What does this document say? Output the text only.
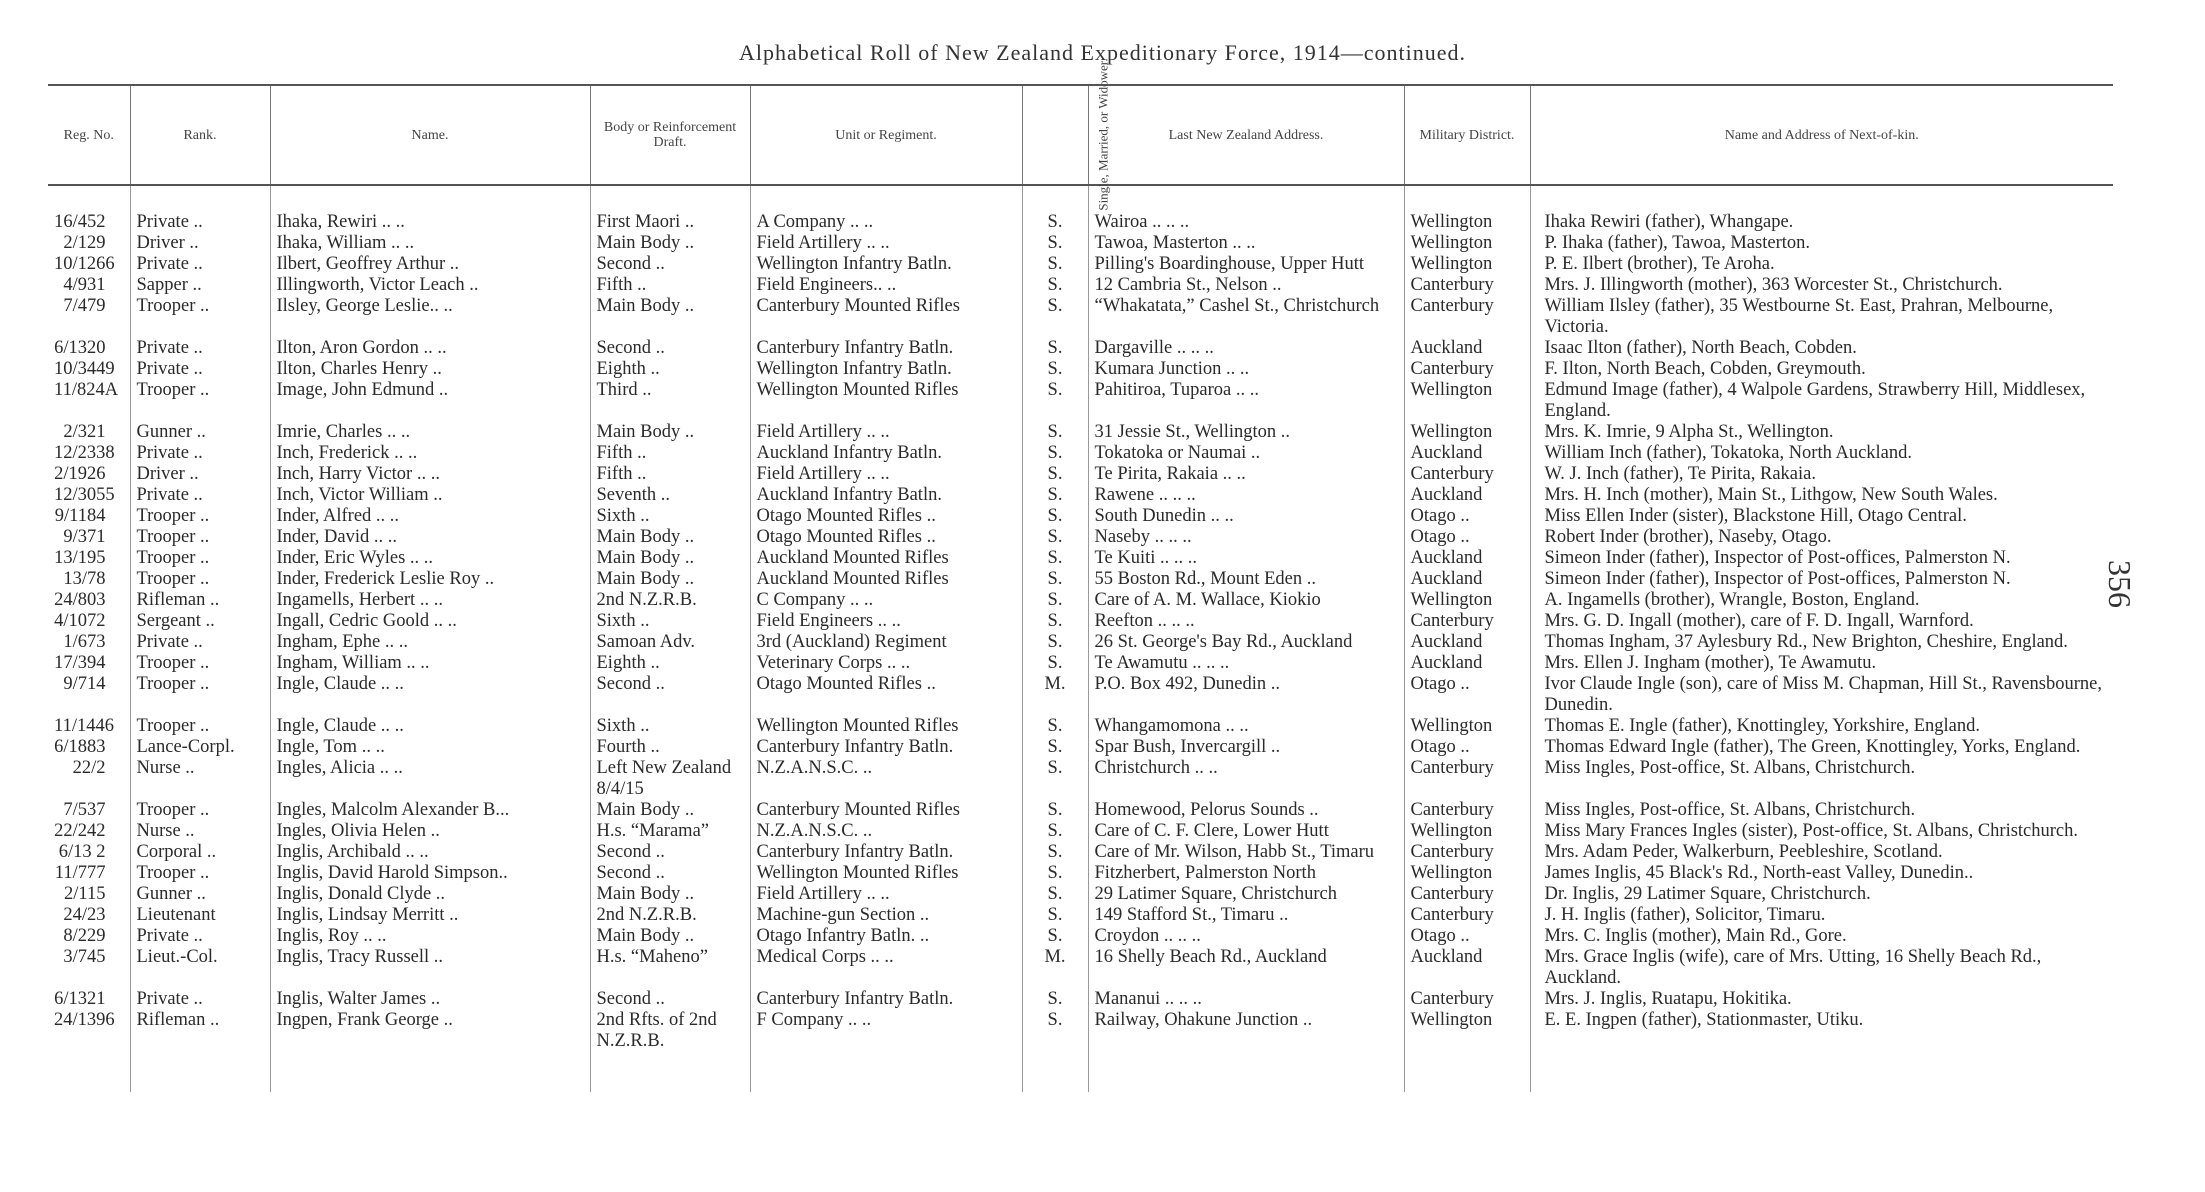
Alphabetical Roll of New Zealand Expeditionary Force, 1914—continued.
Reg. No.	Rank.	Name.	Body or Reinforcement Draft.	Unit or Regiment.	Single, Married, or Widower.	Last New Zealand Address.	Military District.	Name and Address of Next-of-kin.
16/452	Private ..	Ihaka, Rewiri .. ..	First Maori ..	A Company .. ..	S.	Wairoa .. .. ..	Wellington	Ihaka Rewiri (father), Whangape.
2/129	Driver ..	Ihaka, William .. ..	Main Body ..	Field Artillery .. ..	S.	Tawoa, Masterton .. ..	Wellington	P. Ihaka (father), Tawoa, Masterton.
10/1266	Private ..	Ilbert, Geoffrey Arthur ..	Second ..	Wellington Infantry Batln.	S.	Pilling's Boardinghouse, Upper Hutt	Wellington	P. E. Ilbert (brother), Te Aroha.
4/931	Sapper ..	Illingworth, Victor Leach ..	Fifth ..	Field Engineers.. ..	S.	12 Cambria St., Nelson ..	Canterbury	Mrs. J. Illingworth (mother), 363 Worcester St., Christchurch.
7/479	Trooper ..	Ilsley, George Leslie.. ..	Main Body ..	Canterbury Mounted Rifles	S.	“Whakatata,” Cashel St., Christchurch	Canterbury	William Ilsley (father), 35 Westbourne St. East, Prahran, Melbourne, Victoria.
6/1320	Private ..	Ilton, Aron Gordon .. ..	Second ..	Canterbury Infantry Batln.	S.	Dargaville .. .. ..	Auckland	Isaac Ilton (father), North Beach, Cobden.
10/3449	Private ..	Ilton, Charles Henry ..	Eighth ..	Wellington Infantry Batln.	S.	Kumara Junction .. ..	Canterbury	F. Ilton, North Beach, Cobden, Greymouth.
11/824A	Trooper ..	Image, John Edmund ..	Third ..	Wellington Mounted Rifles	S.	Pahitiroa, Tuparoa .. ..	Wellington	Edmund Image (father), 4 Walpole Gardens, Strawberry Hill, Middlesex, England.
2/321	Gunner ..	Imrie, Charles .. ..	Main Body ..	Field Artillery .. ..	S.	31 Jessie St., Wellington ..	Wellington	Mrs. K. Imrie, 9 Alpha St., Wellington.
12/2338	Private ..	Inch, Frederick .. ..	Fifth ..	Auckland Infantry Batln.	S.	Tokatoka or Naumai ..	Auckland	William Inch (father), Tokatoka, North Auckland.
2/1926	Driver ..	Inch, Harry Victor .. ..	Fifth ..	Field Artillery .. ..	S.	Te Pirita, Rakaia .. ..	Canterbury	W. J. Inch (father), Te Pirita, Rakaia.
12/3055	Private ..	Inch, Victor William ..	Seventh ..	Auckland Infantry Batln.	S.	Rawene .. .. ..	Auckland	Mrs. H. Inch (mother), Main St., Lithgow, New South Wales.
9/1184	Trooper ..	Inder, Alfred .. ..	Sixth ..	Otago Mounted Rifles ..	S.	South Dunedin .. ..	Otago ..	Miss Ellen Inder (sister), Blackstone Hill, Otago Central.
9/371	Trooper ..	Inder, David .. ..	Main Body ..	Otago Mounted Rifles ..	S.	Naseby .. .. ..	Otago ..	Robert Inder (brother), Naseby, Otago.
13/195	Trooper ..	Inder, Eric Wyles .. ..	Main Body ..	Auckland Mounted Rifles	S.	Te Kuiti .. .. ..	Auckland	Simeon Inder (father), Inspector of Post-offices, Palmerston N.
13/78	Trooper ..	Inder, Frederick Leslie Roy ..	Main Body ..	Auckland Mounted Rifles	S.	55 Boston Rd., Mount Eden ..	Auckland	Simeon Inder (father), Inspector of Post-offices, Palmerston N.
24/803	Rifleman ..	Ingamells, Herbert .. ..	2nd N.Z.R.B.	C Company .. ..	S.	Care of A. M. Wallace, Kiokio	Wellington	A. Ingamells (brother), Wrangle, Boston, England.
4/1072	Sergeant ..	Ingall, Cedric Goold .. ..	Sixth ..	Field Engineers .. ..	S.	Reefton .. .. ..	Canterbury	Mrs. G. D. Ingall (mother), care of F. D. Ingall, Warnford.
1/673	Private ..	Ingham, Ephe .. ..	Samoan Adv.	3rd (Auckland) Regiment	S.	26 St. George's Bay Rd., Auckland	Auckland	Thomas Ingham, 37 Aylesbury Rd., New Brighton, Cheshire, England.
17/394	Trooper ..	Ingham, William .. ..	Eighth ..	Veterinary Corps .. ..	S.	Te Awamutu .. .. ..	Auckland	Mrs. Ellen J. Ingham (mother), Te Awamutu.
9/714	Trooper ..	Ingle, Claude .. ..	Second ..	Otago Mounted Rifles ..	M.	P.O. Box 492, Dunedin ..	Otago ..	Ivor Claude Ingle (son), care of Miss M. Chapman, Hill St., Ravensbourne, Dunedin.
11/1446	Trooper ..	Ingle, Claude .. ..	Sixth ..	Wellington Mounted Rifles	S.	Whangamomona .. ..	Wellington	Thomas E. Ingle (father), Knottingley, Yorkshire, England.
6/1883	Lance-Corpl.	Ingle, Tom .. ..	Fourth ..	Canterbury Infantry Batln.	S.	Spar Bush, Invercargill ..	Otago ..	Thomas Edward Ingle (father), The Green, Knottingley, Yorks, England.
22/2	Nurse ..	Ingles, Alicia .. ..	Left New Zealand 8/4/15	N.Z.A.N.S.C. ..	S.	Christchurch .. ..	Canterbury	Miss Ingles, Post-office, St. Albans, Christchurch.
7/537	Trooper ..	Ingles, Malcolm Alexander B...	Main Body ..	Canterbury Mounted Rifles	S.	Homewood, Pelorus Sounds ..	Canterbury	Miss Ingles, Post-office, St. Albans, Christchurch.
22/242	Nurse ..	Ingles, Olivia Helen ..	H.s. “Marama”	N.Z.A.N.S.C. ..	S.	Care of C. F. Clere, Lower Hutt	Wellington	Miss Mary Frances Ingles (sister), Post-office, St. Albans, Christchurch.
6/13 2	Corporal ..	Inglis, Archibald .. ..	Second ..	Canterbury Infantry Batln.	S.	Care of Mr. Wilson, Habb St., Timaru	Canterbury	Mrs. Adam Peder, Walkerburn, Peebleshire, Scotland.
11/777	Trooper ..	Inglis, David Harold Simpson..	Second ..	Wellington Mounted Rifles	S.	Fitzherbert, Palmerston North	Wellington	James Inglis, 45 Black's Rd., North-east Valley, Dunedin..
2/115	Gunner ..	Inglis, Donald Clyde ..	Main Body ..	Field Artillery .. ..	S.	29 Latimer Square, Christchurch	Canterbury	Dr. Inglis, 29 Latimer Square, Christchurch.
24/23	Lieutenant	Inglis, Lindsay Merritt ..	2nd N.Z.R.B.	Machine-gun Section ..	S.	149 Stafford St., Timaru ..	Canterbury	J. H. Inglis (father), Solicitor, Timaru.
8/229	Private ..	Inglis, Roy .. ..	Main Body ..	Otago Infantry Batln. ..	S.	Croydon .. .. ..	Otago ..	Mrs. C. Inglis (mother), Main Rd., Gore.
3/745	Lieut.-Col.	Inglis, Tracy Russell ..	H.s. “Maheno”	Medical Corps .. ..	M.	16 Shelly Beach Rd., Auckland	Auckland	Mrs. Grace Inglis (wife), care of Mrs. Utting, 16 Shelly Beach Rd., Auckland.
6/1321	Private ..	Inglis, Walter James ..	Second ..	Canterbury Infantry Batln.	S.	Mananui .. .. ..	Canterbury	Mrs. J. Inglis, Ruatapu, Hokitika.
24/1396	Rifleman ..	Ingpen, Frank George ..	2nd Rfts. of 2nd N.Z.R.B.	F Company .. ..	S.	Railway, Ohakune Junction ..	Wellington	E. E. Ingpen (father), Stationmaster, Utiku.
356
